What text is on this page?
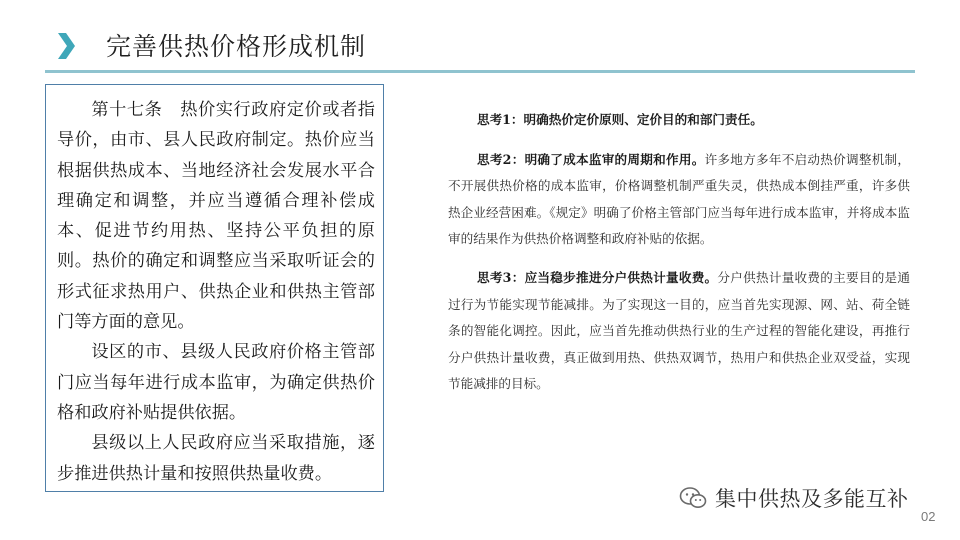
完善供热价格形成机制

第十七条　热价实行政府定价或者指导价，由市、县人民政府制定。热价应当根据供热成本、当地经济社会发展水平合理确定和调整，并应当遵循合理补偿成本、促进节约用热、坚持公平负担的原则。热价的确定和调整应当采取听证会的形式征求热用户、供热企业和供热主管部门等方面的意见。

设区的市、县级人民政府价格主管部门应当每年进行成本监审，为确定供热价格和政府补贴提供依据。

县级以上人民政府应当采取措施，逐步推进供热计量和按照供热量收费。

思考1：明确热价定价原则、定价目的和部门责任。

思考2：明确了成本监审的周期和作用。许多地方多年不启动热价调整机制，不开展供热价格的成本监审，价格调整机制严重失灵，供热成本倒挂严重，许多供热企业经营困难。《规定》明确了价格主管部门应当每年进行成本监审，并将成本监审的结果作为供热价格调整和政府补贴的依据。

思考3：应当稳步推进分户供热计量收费。分户供热计量收费的主要目的是通过行为节能实现节能减排。为了实现这一目的，应当首先实现源、网、站、荷全链条的智能化调控。因此，应当首先推动供热行业的生产过程的智能化建设，再推行分户供热计量收费，真正做到用热、供热双调节，热用户和供热企业双受益，实现节能减排的目标。

集中供热及多能互补
02
